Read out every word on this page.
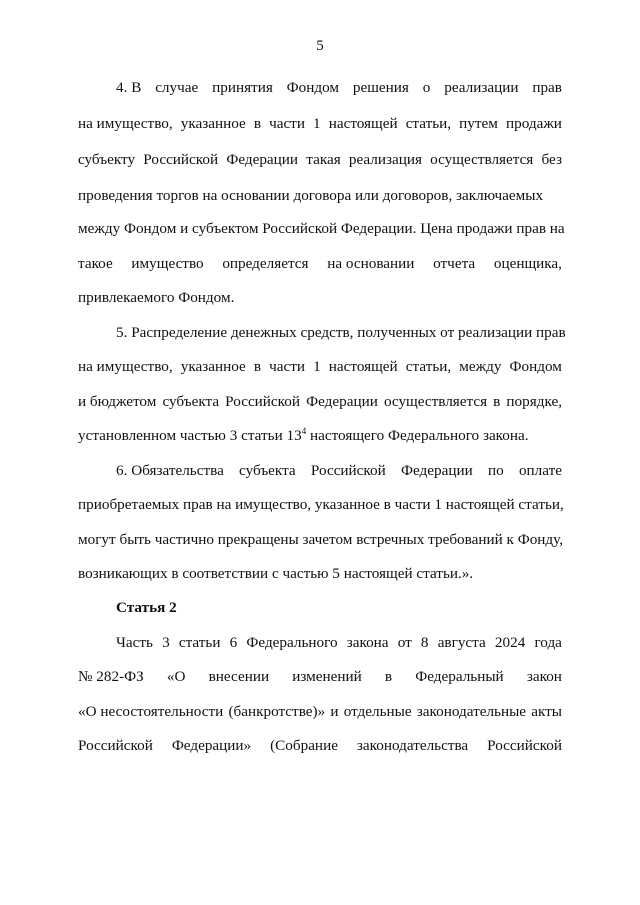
5
4. В случае принятия Фондом решения о реализации прав
на имущество, указанное в части 1 настоящей статьи, путем продажи
субъекту Российской Федерации такая реализация осуществляется без
проведения торгов на основании договора или договоров, заключаемых
между Фондом и субъектом Российской Федерации. Цена продажи прав на
такое имущество определяется на основании отчета оценщика,
привлекаемого Фондом.
5. Распределение денежных средств, полученных от реализации прав
на имущество, указанное в части 1 настоящей статьи, между Фондом
и бюджетом субъекта Российской Федерации осуществляется в порядке,
установленном частью 3 статьи $13^4$ настоящего Федерального закона.
6. Обязательства субъекта Российской Федерации по оплате
приобретаемых прав на имущество, указанное в части 1 настоящей статьи,
могут быть частично прекращены зачетом встречных требований к Фонду,
возникающих в соответствии с частью 5 настоящей статьи.».
Статья 2
Часть 3 статьи 6 Федерального закона от 8 августа 2024 года
№ 282-ФЗ «О внесении изменений в Федеральный закон
«О несостоятельности (банкротстве)» и отдельные законодательные акты
Российской Федерации» (Собрание законодательства Российской
